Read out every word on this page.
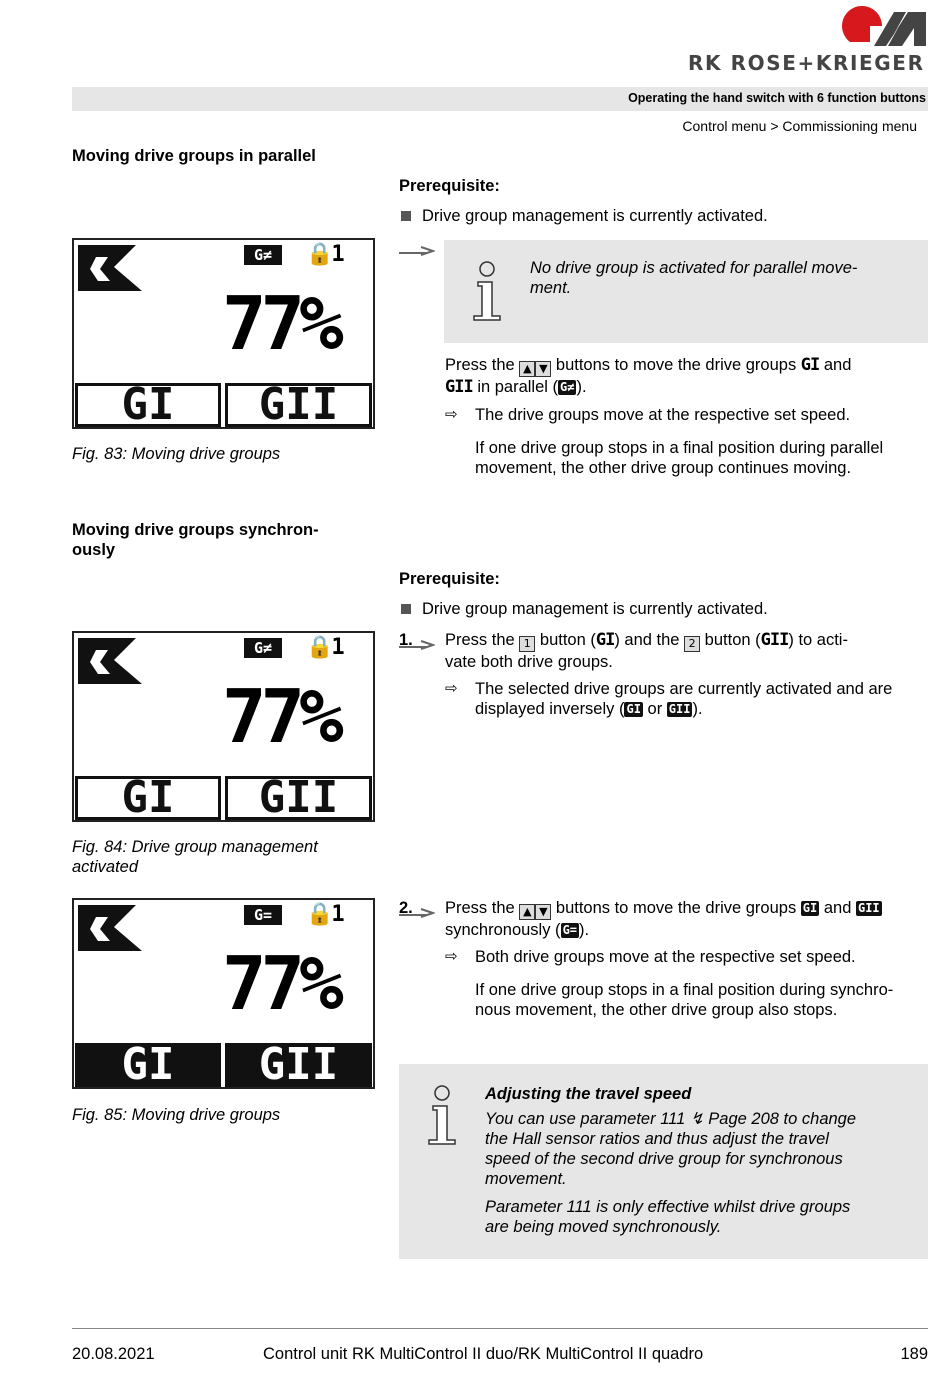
RK ROSE+KRIEGER
Operating the hand switch with 6 function buttons
Control menu > Commissioning menu
Moving drive groups in parallel
Prerequisite:
Drive group management is currently activated.
No drive group is activated for parallel move-
ment.
Press the ▲ ▼ buttons to move the drive groups GI and
GII in parallel ( G≠ ).
⇨ The drive groups move at the respective set speed.
If one drive group stops in a final position during parallel movement, the other drive group continues moving.
G≠	🔒1
77%
GI	GII
Fig. 83: Moving drive groups
Moving drive groups synchron-
ously
Prerequisite:
Drive group management is currently activated.
1. Press the 1 button (GI) and the 2 button (GII) to acti-
vate both drive groups.
⇨ The selected drive groups are currently activated and are
displayed inversely ( GI or GII ).
G≠	🔒1
77%
GI	GII
Fig. 84: Drive group management
activated
2. Press the ▲ ▼ buttons to move the drive groups GI and GII
synchronously ( G= ).
⇨ Both drive groups move at the respective set speed.
If one drive group stops in a final position during synchro-
nous movement, the other drive group also stops.
G=	🔒1
77%
GI	GII
Fig. 85: Moving drive groups
Adjusting the travel speed
You can use parameter 111 ↯ Page 208 to change
the Hall sensor ratios and thus adjust the travel
speed of the second drive group for synchronous
movement.
Parameter 111 is only effective whilst drive groups
are being moved synchronously.
20.08.2021	Control unit RK MultiControl II duo/RK MultiControl II quadro	189
